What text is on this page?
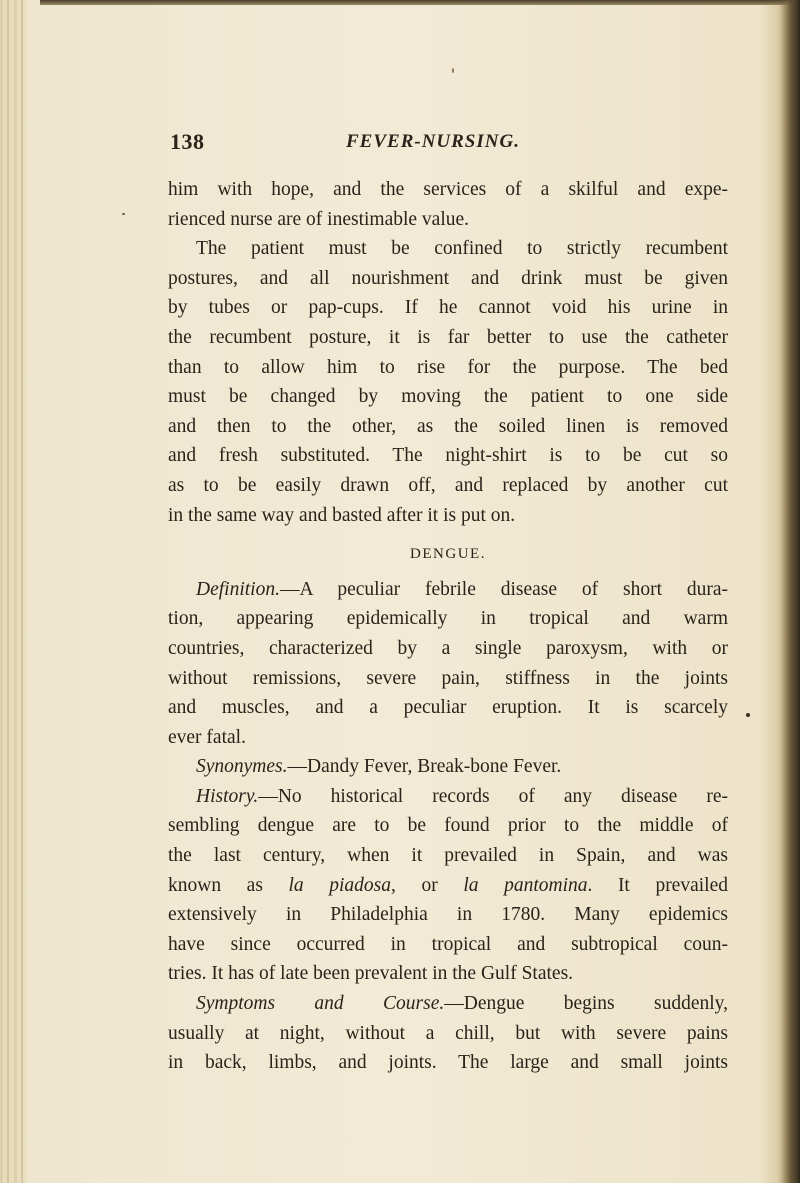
138	FEVER-NURSING.
him with hope, and the services of a skilful and expe-
rienced nurse are of inestimable value.
The patient must be confined to strictly recumbent
postures, and all nourishment and drink must be given
by tubes or pap-cups. If he cannot void his urine in
the recumbent posture, it is far better to use the catheter
than to allow him to rise for the purpose. The bed
must be changed by moving the patient to one side
and then to the other, as the soiled linen is removed
and fresh substituted. The night-shirt is to be cut so
as to be easily drawn off, and replaced by another cut
in the same way and basted after it is put on.
DENGUE.
Definition.—A peculiar febrile disease of short dura-
tion, appearing epidemically in tropical and warm
countries, characterized by a single paroxysm, with or
without remissions, severe pain, stiffness in the joints
and muscles, and a peculiar eruption. It is scarcely
ever fatal.
Synonymes.—Dandy Fever, Break-bone Fever.
History.—No historical records of any disease re-
sembling dengue are to be found prior to the middle of
the last century, when it prevailed in Spain, and was
known as la piadosa, or la pantomina. It prevailed
extensively in Philadelphia in 1780. Many epidemics
have since occurred in tropical and subtropical coun-
tries. It has of late been prevalent in the Gulf States.
Symptoms and Course.—Dengue begins suddenly,
usually at night, without a chill, but with severe pains
in back, limbs, and joints. The large and small joints
